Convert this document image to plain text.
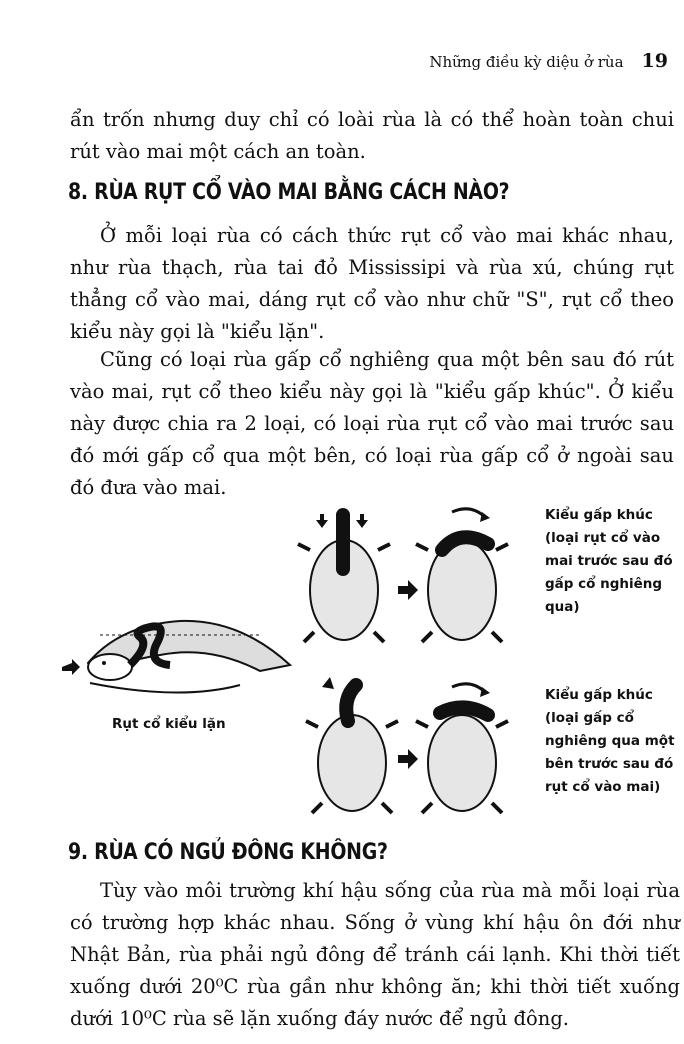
Những điều kỳ diệu ở rùa 19

ẩn trốn nhưng duy chỉ có loài rùa là có thể hoàn toàn chui rút vào mai một cách an toàn.

8. RÙA RỤT CỔ VÀO MAI BẰNG CÁCH NÀO?

Ở mỗi loại rùa có cách thức rụt cổ vào mai khác nhau, như rùa thạch, rùa tai đỏ Mississipi và rùa xú, chúng rụt thẳng cổ vào mai, dáng rụt cổ vào như chữ "S", rụt cổ theo kiểu này gọi là "kiểu lặn".

Cũng có loại rùa gấp cổ nghiêng qua một bên sau đó rút vào mai, rụt cổ theo kiểu này gọi là "kiểu gấp khúc". Ở kiểu này được chia ra 2 loại, có loại rùa rụt cổ vào mai trước sau đó mới gấp cổ qua một bên, có loại rùa gấp cổ ở ngoài sau đó đưa vào mai.

Rụt cổ kiểu lặn

Kiểu gấp khúc (loại rụt cổ vào mai trước sau đó gấp cổ nghiêng qua)

Kiểu gấp khúc (loại gấp cổ nghiêng qua một bên trước sau đó rụt cổ vào mai)

9. RÙA CÓ NGỦ ĐÔNG KHÔNG?

Tùy vào môi trường khí hậu sống của rùa mà mỗi loại rùa có trường hợp khác nhau. Sống ở vùng khí hậu ôn đới như Nhật Bản, rùa phải ngủ đông để tránh cái lạnh. Khi thời tiết xuống dưới 20⁰C rùa gần như không ăn; khi thời tiết xuống dưới 10⁰C rùa sẽ lặn xuống đáy nước để ngủ đông.
